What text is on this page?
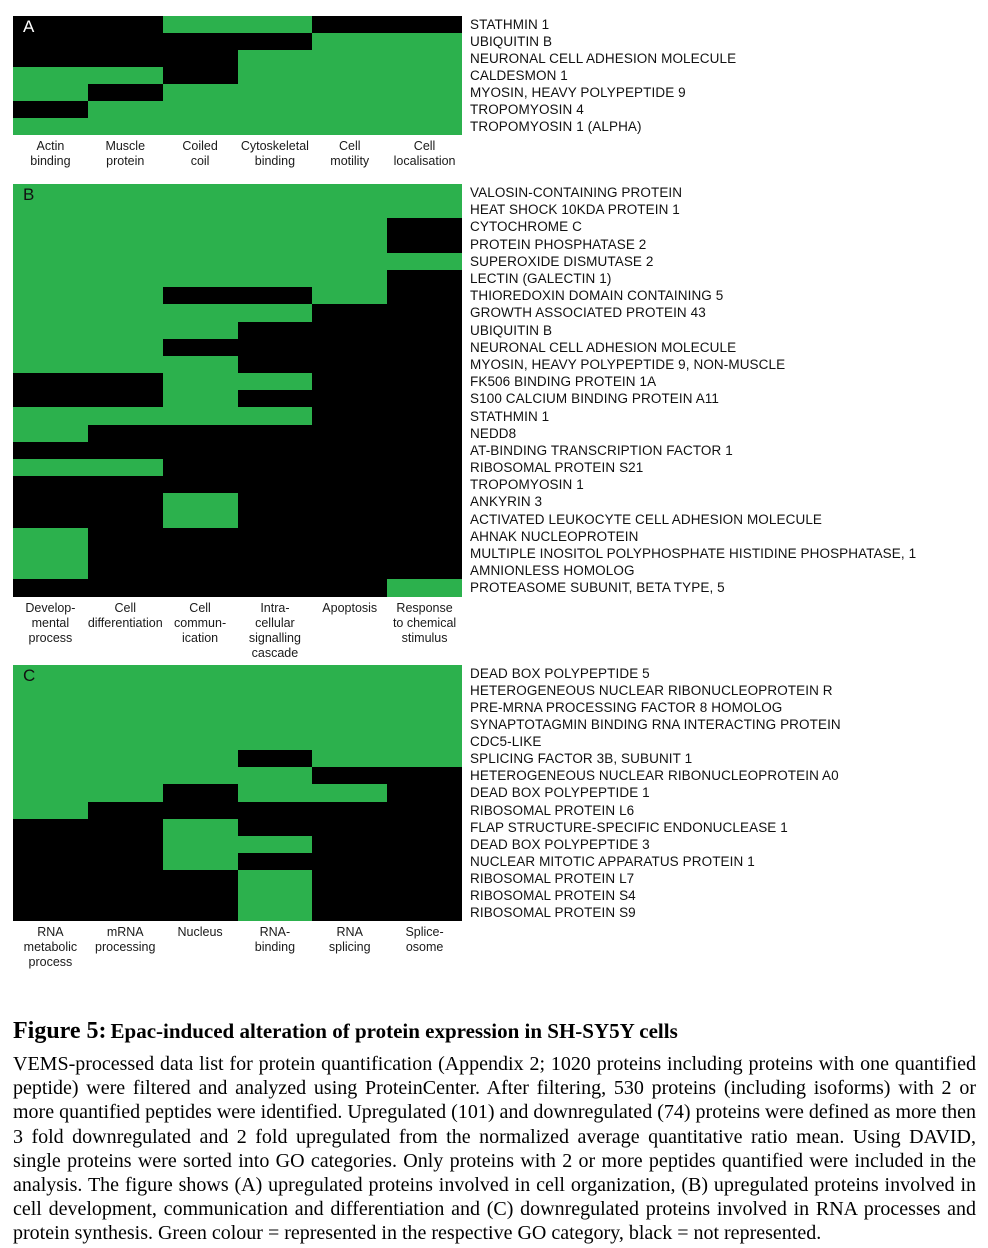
A
Actin
binding
Muscle
protein
Coiled
coil
Cytoskeletal
binding
Cell
motility
Cell
localisation
STATHMIN 1
UBIQUITIN B
NEURONAL CELL ADHESION MOLECULE
CALDESMON 1
MYOSIN, HEAVY POLYPEPTIDE 9
TROPOMYOSIN 4
TROPOMYOSIN 1 (ALPHA)
B
Develop-
mental
process
Cell
differentiation
Cell
commun-
ication
Intra-
cellular
signalling
cascade
Apoptosis	Response
to chemical
stimulus
VALOSIN-CONTAINING PROTEIN
HEAT SHOCK 10KDA PROTEIN 1
CYTOCHROME C
PROTEIN PHOSPHATASE 2
SUPEROXIDE DISMUTASE 2
LECTIN (GALECTIN 1)
THIOREDOXIN DOMAIN CONTAINING 5
GROWTH ASSOCIATED PROTEIN 43
UBIQUITIN B
NEURONAL CELL ADHESION MOLECULE
MYOSIN, HEAVY POLYPEPTIDE 9, NON-MUSCLE
FK506 BINDING PROTEIN 1A
S100 CALCIUM BINDING PROTEIN A11
STATHMIN 1
NEDD8
AT-BINDING TRANSCRIPTION FACTOR 1
RIBOSOMAL PROTEIN S21
TROPOMYOSIN 1
ANKYRIN 3
ACTIVATED LEUKOCYTE CELL ADHESION MOLECULE
AHNAK NUCLEOPROTEIN
MULTIPLE INOSITOL POLYPHOSPHATE HISTIDINE PHOSPHATASE, 1
AMNIONLESS HOMOLOG
PROTEASOME SUBUNIT, BETA TYPE, 5
C
RNA metabolic
process
mRNA
processing
Nucleus	RNA-
binding
RNA
splicing
Splice-
osome
DEAD BOX POLYPEPTIDE 5
HETEROGENEOUS NUCLEAR RIBONUCLEOPROTEIN R
PRE-MRNA PROCESSING FACTOR 8 HOMOLOG
SYNAPTOTAGMIN BINDING RNA INTERACTING PROTEIN
CDC5-LIKE
SPLICING FACTOR 3B, SUBUNIT 1
HETEROGENEOUS NUCLEAR RIBONUCLEOPROTEIN A0
DEAD BOX POLYPEPTIDE 1
RIBOSOMAL PROTEIN L6
FLAP STRUCTURE-SPECIFIC ENDONUCLEASE 1
DEAD BOX POLYPEPTIDE 3
NUCLEAR MITOTIC APPARATUS PROTEIN 1
RIBOSOMAL PROTEIN L7
RIBOSOMAL PROTEIN S4
RIBOSOMAL PROTEIN S9
Figure 5: Epac-induced alteration of protein expression in SH-SY5Y cells

VEMS-processed data list for protein quantification (Appendix 2; 1020 proteins including proteins with one quantified peptide) were filtered and analyzed using ProteinCenter. After filtering, 530 proteins (including isoforms) with 2 or more quantified peptides were identified. Upregulated (101) and downregulated (74) proteins were defined as more then 3 fold downregulated and 2 fold upregulated from the normalized average quantitative ratio mean. Using DAVID, single proteins were sorted into GO categories. Only proteins with 2 or more peptides quantified were included in the analysis. The figure shows (A) upregulated proteins involved in cell organization, (B) upregulated proteins involved in cell development, communication and differentiation and (C) downregulated proteins involved in RNA processes and protein synthesis. Green colour = represented in the respective GO category, black = not represented.
